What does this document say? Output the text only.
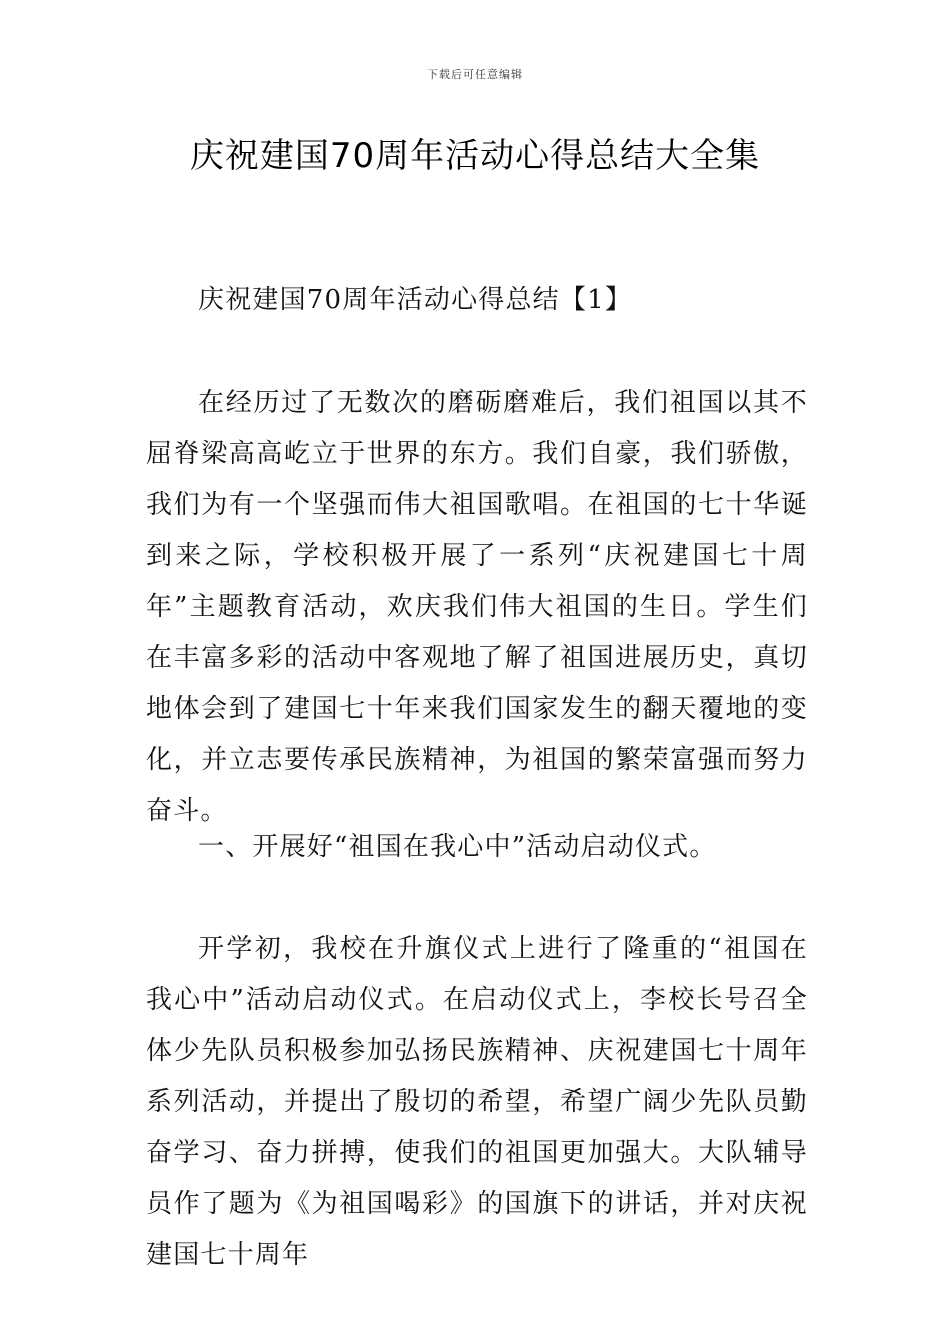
下载后可任意编辑
庆祝建国70周年活动心得总结大全集

庆祝建国70周年活动心得总结【1】

在经历过了无数次的磨砺磨难后，我们祖国以其不屈脊梁高高屹立于世界的东方。我们自豪，我们骄傲，我们为有一个坚强而伟大祖国歌唱。在祖国的七十华诞到来之际，学校积极开展了一系列“庆祝建国七十周年”主题教育活动，欢庆我们伟大祖国的生日。学生们在丰富多彩的活动中客观地了解了祖国进展历史，真切地体会到了建国七十年来我们国家发生的翻天覆地的变化，并立志要传承民族精神，为祖国的繁荣富强而努力奋斗。

一、开展好“祖国在我心中”活动启动仪式。

开学初，我校在升旗仪式上进行了隆重的“祖国在我心中”活动启动仪式。在启动仪式上，李校长号召全体少先队员积极参加弘扬民族精神、庆祝建国七十周年系列活动，并提出了殷切的希望，希望广阔少先队员勤奋学习、奋力拼搏，使我们的祖国更加强大。大队辅导员作了题为《为祖国喝彩》的国旗下的讲话，并对庆祝建国七十周年
